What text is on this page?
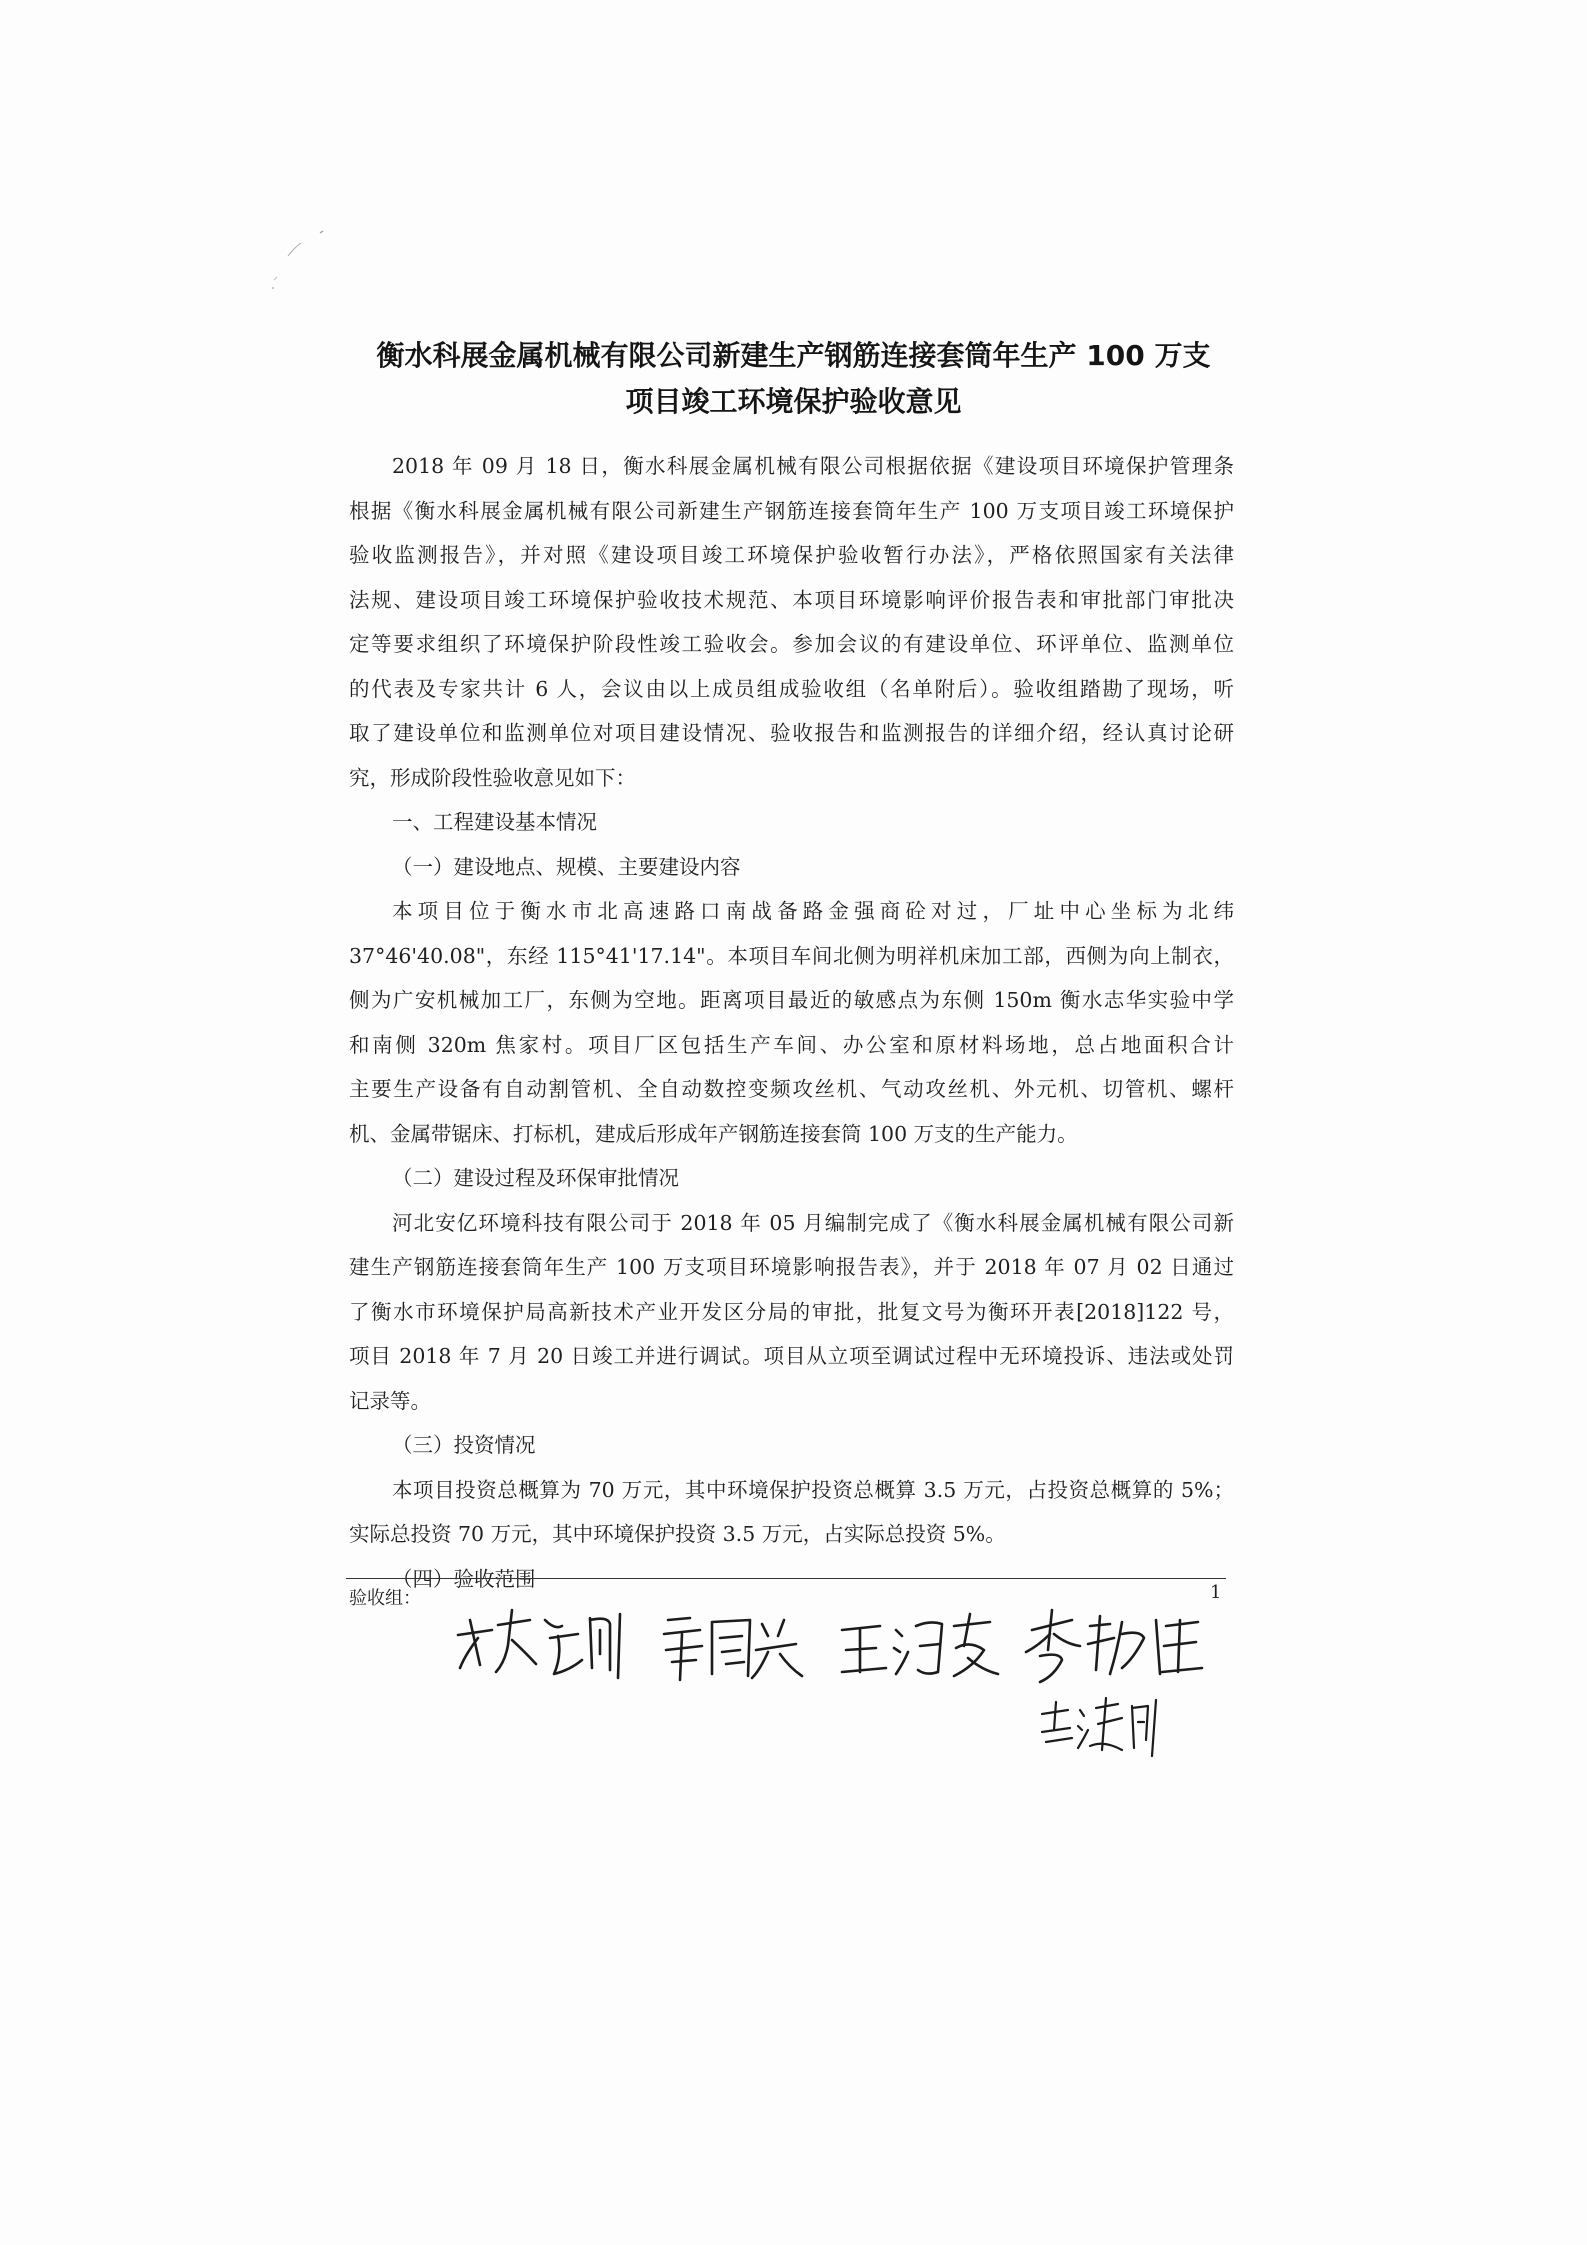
衡水科展金属机械有限公司新建生产钢筋连接套筒年生产 100 万支
项目竣工环境保护验收意见
2018 年 09 月 18 日，衡水科展金属机械有限公司根据依据《建设项目环境保护管理条
根据《衡水科展金属机械有限公司新建生产钢筋连接套筒年生产 100 万支项目竣工环境保护
验收监测报告》，并对照《建设项目竣工环境保护验收暂行办法》，严格依照国家有关法律
法规、建设项目竣工环境保护验收技术规范、本项目环境影响评价报告表和审批部门审批决
定等要求组织了环境保护阶段性竣工验收会。参加会议的有建设单位、环评单位、监测单位
的代表及专家共计 6 人，会议由以上成员组成验收组（名单附后）。验收组踏勘了现场，听
取了建设单位和监测单位对项目建设情况、验收报告和监测报告的详细介绍，经认真讨论研
究，形成阶段性验收意见如下：
一、工程建设基本情况
（一）建设地点、规模、主要建设内容
本项目位于衡水市北高速路口南战备路金强商砼对过，厂址中心坐标为北纬
37°46'40.08"，东经 115°41'17.14"。本项目车间北侧为明祥机床加工部，西侧为向上制衣，
侧为广安机械加工厂，东侧为空地。距离项目最近的敏感点为东侧 150m 衡水志华实验中学
和南侧 320m 焦家村。项目厂区包括生产车间、办公室和原材料场地，总占地面积合计
主要生产设备有自动割管机、全自动数控变频攻丝机、气动攻丝机、外元机、切管机、螺杆
机、金属带锯床、打标机，建成后形成年产钢筋连接套筒 100 万支的生产能力。
（二）建设过程及环保审批情况
河北安亿环境科技有限公司于 2018 年 05 月编制完成了《衡水科展金属机械有限公司新
建生产钢筋连接套筒年生产 100 万支项目环境影响报告表》，并于 2018 年 07 月 02 日通过
了衡水市环境保护局高新技术产业开发区分局的审批，批复文号为衡环开表[2018]122 号，
项目 2018 年 7 月 20 日竣工并进行调试。项目从立项至调试过程中无环境投诉、违法或处罚
记录等。
（三）投资情况
本项目投资总概算为 70 万元，其中环境保护投资总概算 3.5 万元，占投资总概算的 5%；
实际总投资 70 万元，其中环境保护投资 3.5 万元，占实际总投资 5%。
（四）验收范围
验收组：	1
